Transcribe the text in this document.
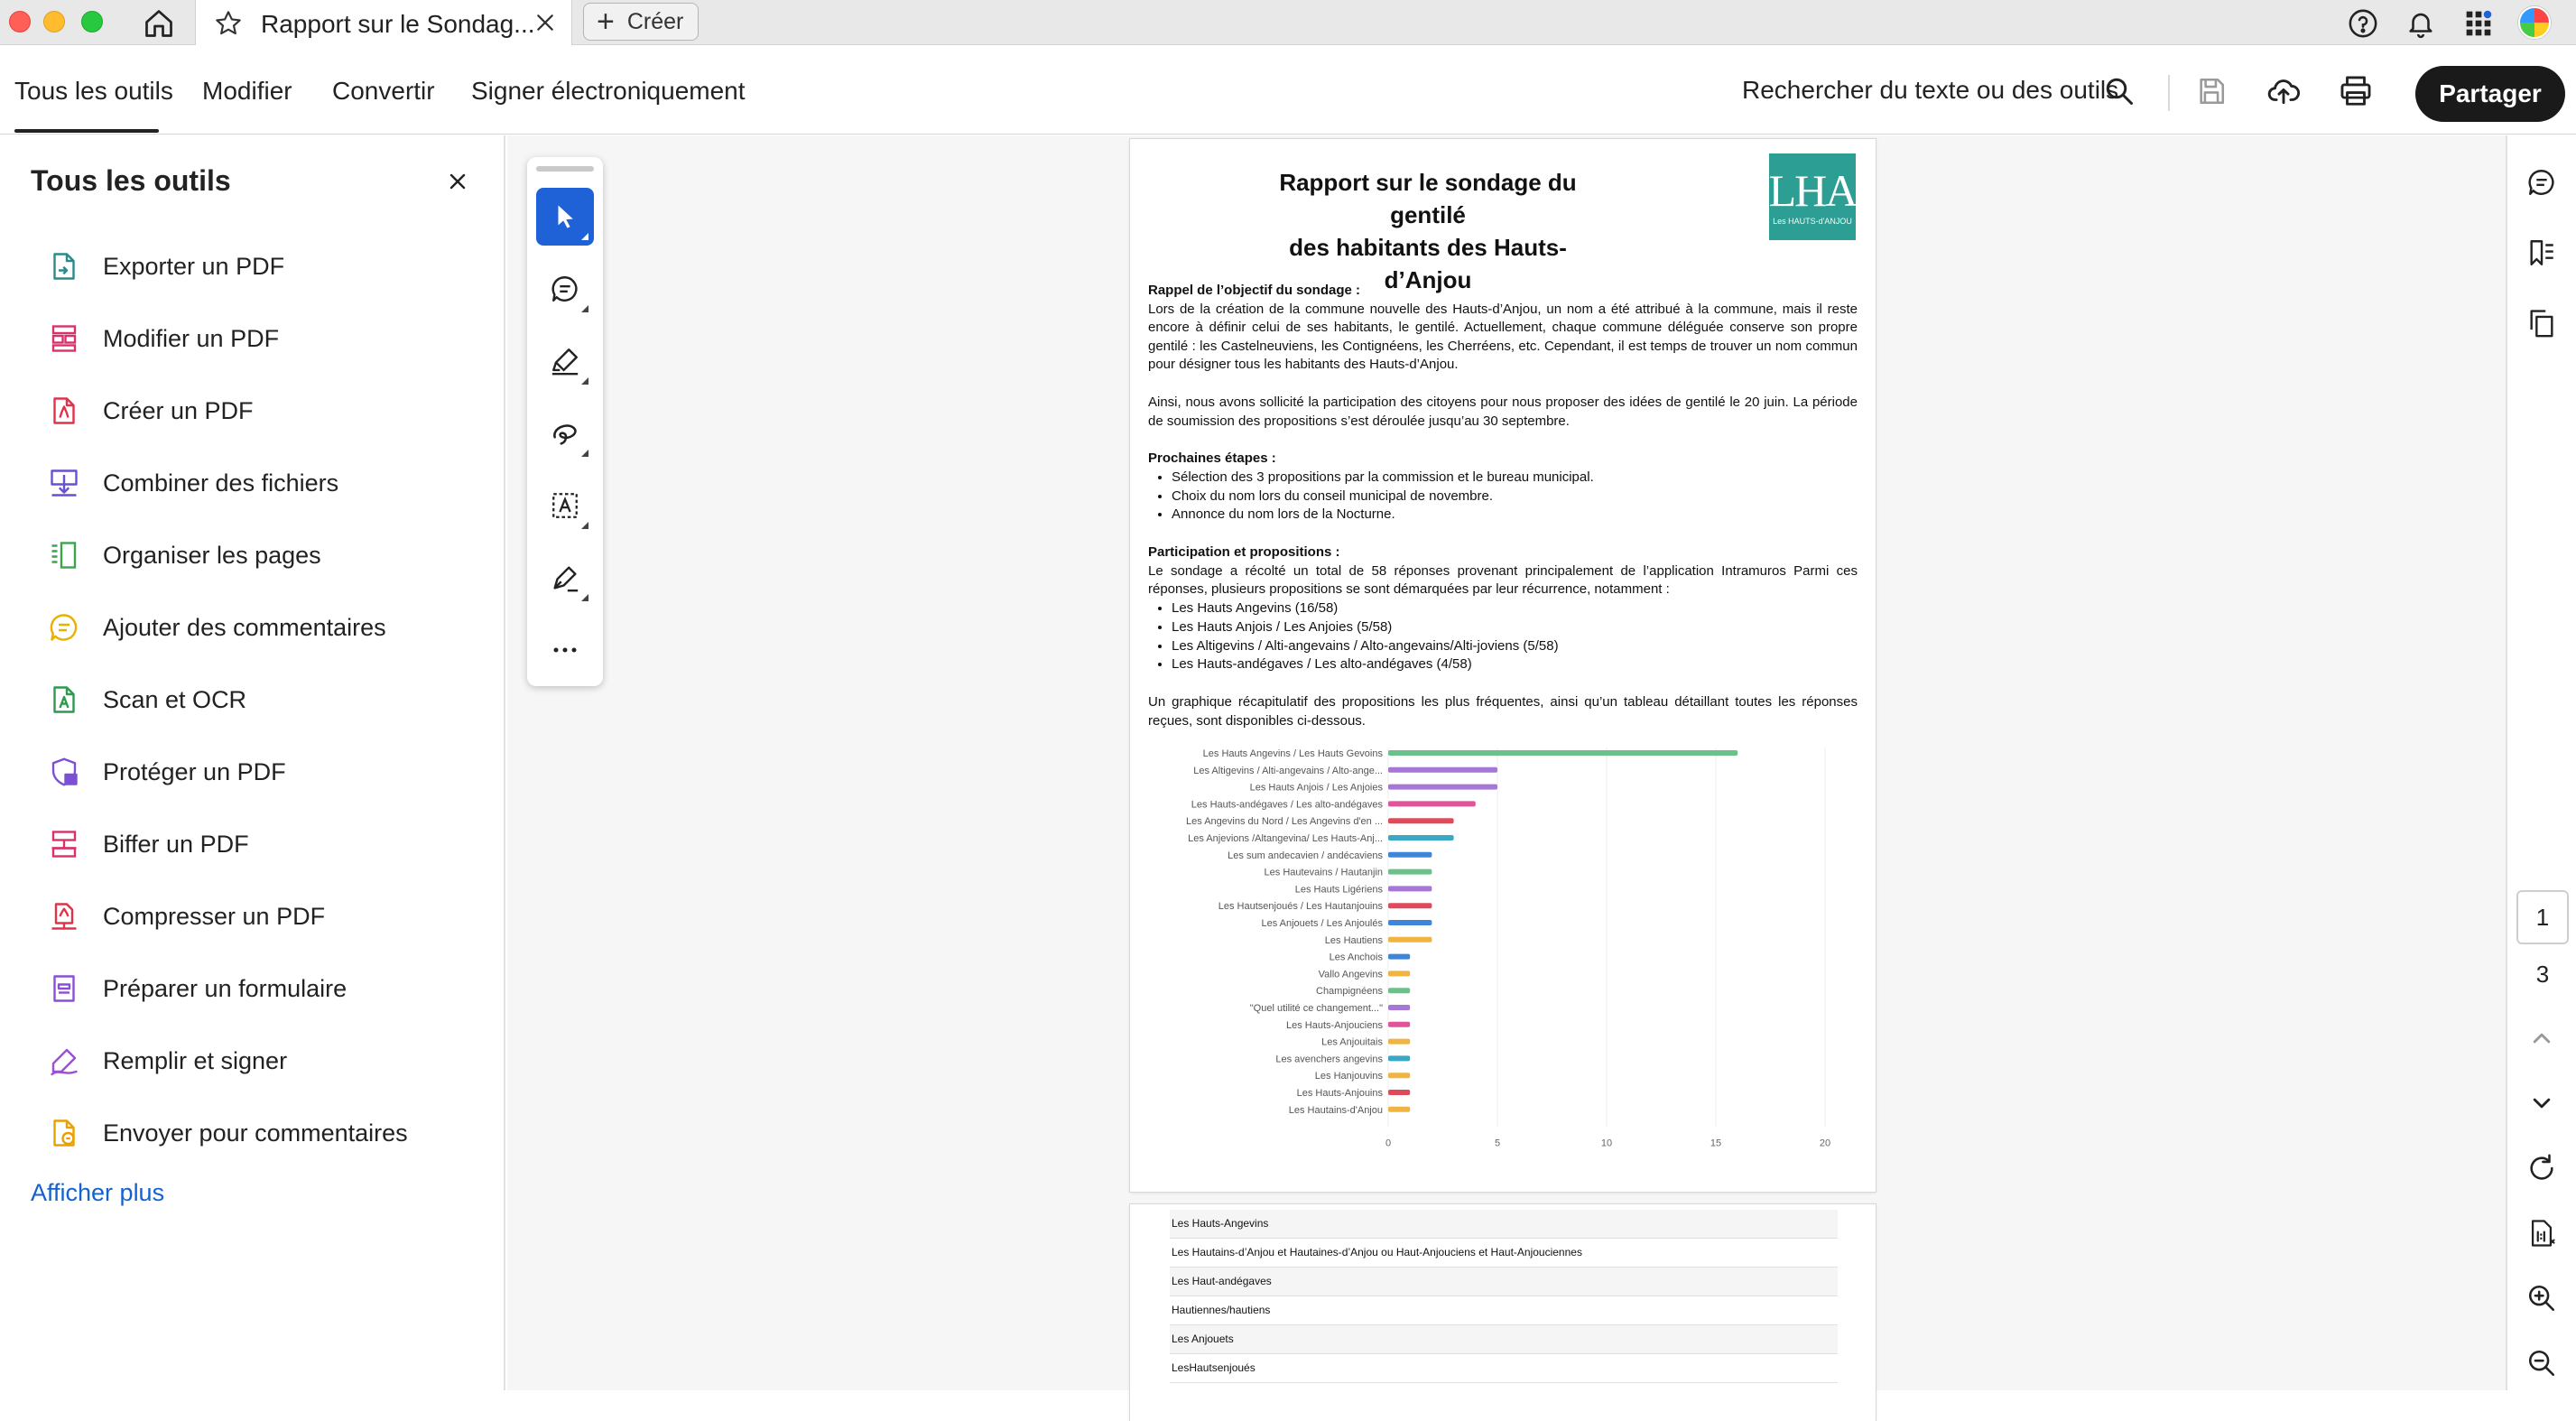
Rapport sur le Sondag... + Créer
Tous les outils Modifier Convertir Signer électroniquement	Rechercher du texte ou des outils	Partager
Tous les outils
Exporter un PDF
Modifier un PDF
Créer un PDF
Combiner des fichiers
Organiser les pages
Ajouter des commentaires
Scan et OCR
Protéger un PDF
Biffer un PDF
Compresser un PDF
Préparer un formulaire
Remplir et signer
Envoyer pour commentaires
Afficher plus
Rapport sur le sondage du gentilé
des habitants des Hauts-d’Anjou
LHA
Les HAUTS-d'ANJOU
Rappel de l’objectif du sondage :

Lors de la création de la commune nouvelle des Hauts-d’Anjou, un nom a été attribué à la commune, mais il reste encore à définir celui de ses habitants, le gentilé. Actuellement, chaque commune déléguée conserve son propre gentilé : les Castelneuviens, les Contignéens, les Cherréens, etc. Cependant, il est temps de trouver un nom commun pour désigner tous les habitants des Hauts-d’Anjou.

Ainsi, nous avons sollicité la participation des citoyens pour nous proposer des idées de gentilé le 20 juin. La période de soumission des propositions s’est déroulée jusqu’au 30 septembre.

Prochaines étapes :
• Sélection des 3 propositions par la commission et le bureau municipal.
• Choix du nom lors du conseil municipal de novembre.
• Annonce du nom lors de la Nocturne.
Participation et propositions :

Le sondage a récolté un total de 58 réponses provenant principalement de l’application Intramuros Parmi ces réponses, plusieurs propositions se sont démarquées par leur récurrence, notamment :

• Les Hauts Angevins (16/58)
• Les Hauts Anjois / Les Anjoies (5/58)
• Les Altigevins / Alti-angevains / Alto-angevains/Alti-joviens (5/58)
• Les Hauts-andégaves / Les alto-andégaves (4/58)

Un graphique récapitulatif des propositions les plus fréquentes, ainsi qu’un tableau détaillant toutes les réponses reçues, sont disponibles ci-dessous.

0	5	10	15	20
Les Hauts Angevins / Les Hauts Gevoins
Les Altigevins / Alti-angevains / Alto-ange...
Les Hauts Anjois / Les Anjoies
Les Hauts-andégaves / Les alto-andégaves
Les Angevins du Nord / Les Angevins d'en ...
Les Anjevions /Altangevina/ Les Hauts-Anj...
Les sum andecavien / andécaviens
Les Hautevains / Hautanjin
Les Hauts Ligériens
Les Hautsenjoués / Les Hautanjouins
Les Anjouets / Les Anjoulés
Les Hautiens
Les Anchois
Vallo Angevins
Champignéens
"Quel utilité ce changement..."
Les Hauts-Anjouciens
Les Anjouitais
Les avenchers angevins
Les Hanjouvins
Les Hauts-Anjouins
Les Hautains-d'Anjou
Les Hauts-Angevins
Les Hautains-d’Anjou et Hautaines-d’Anjou ou Haut-Anjouciens et Haut-Anjouciennes
Les Haut-andégaves
Hautiennes/hautiens
Les Anjouets
LesHautsenjoués
1
3
